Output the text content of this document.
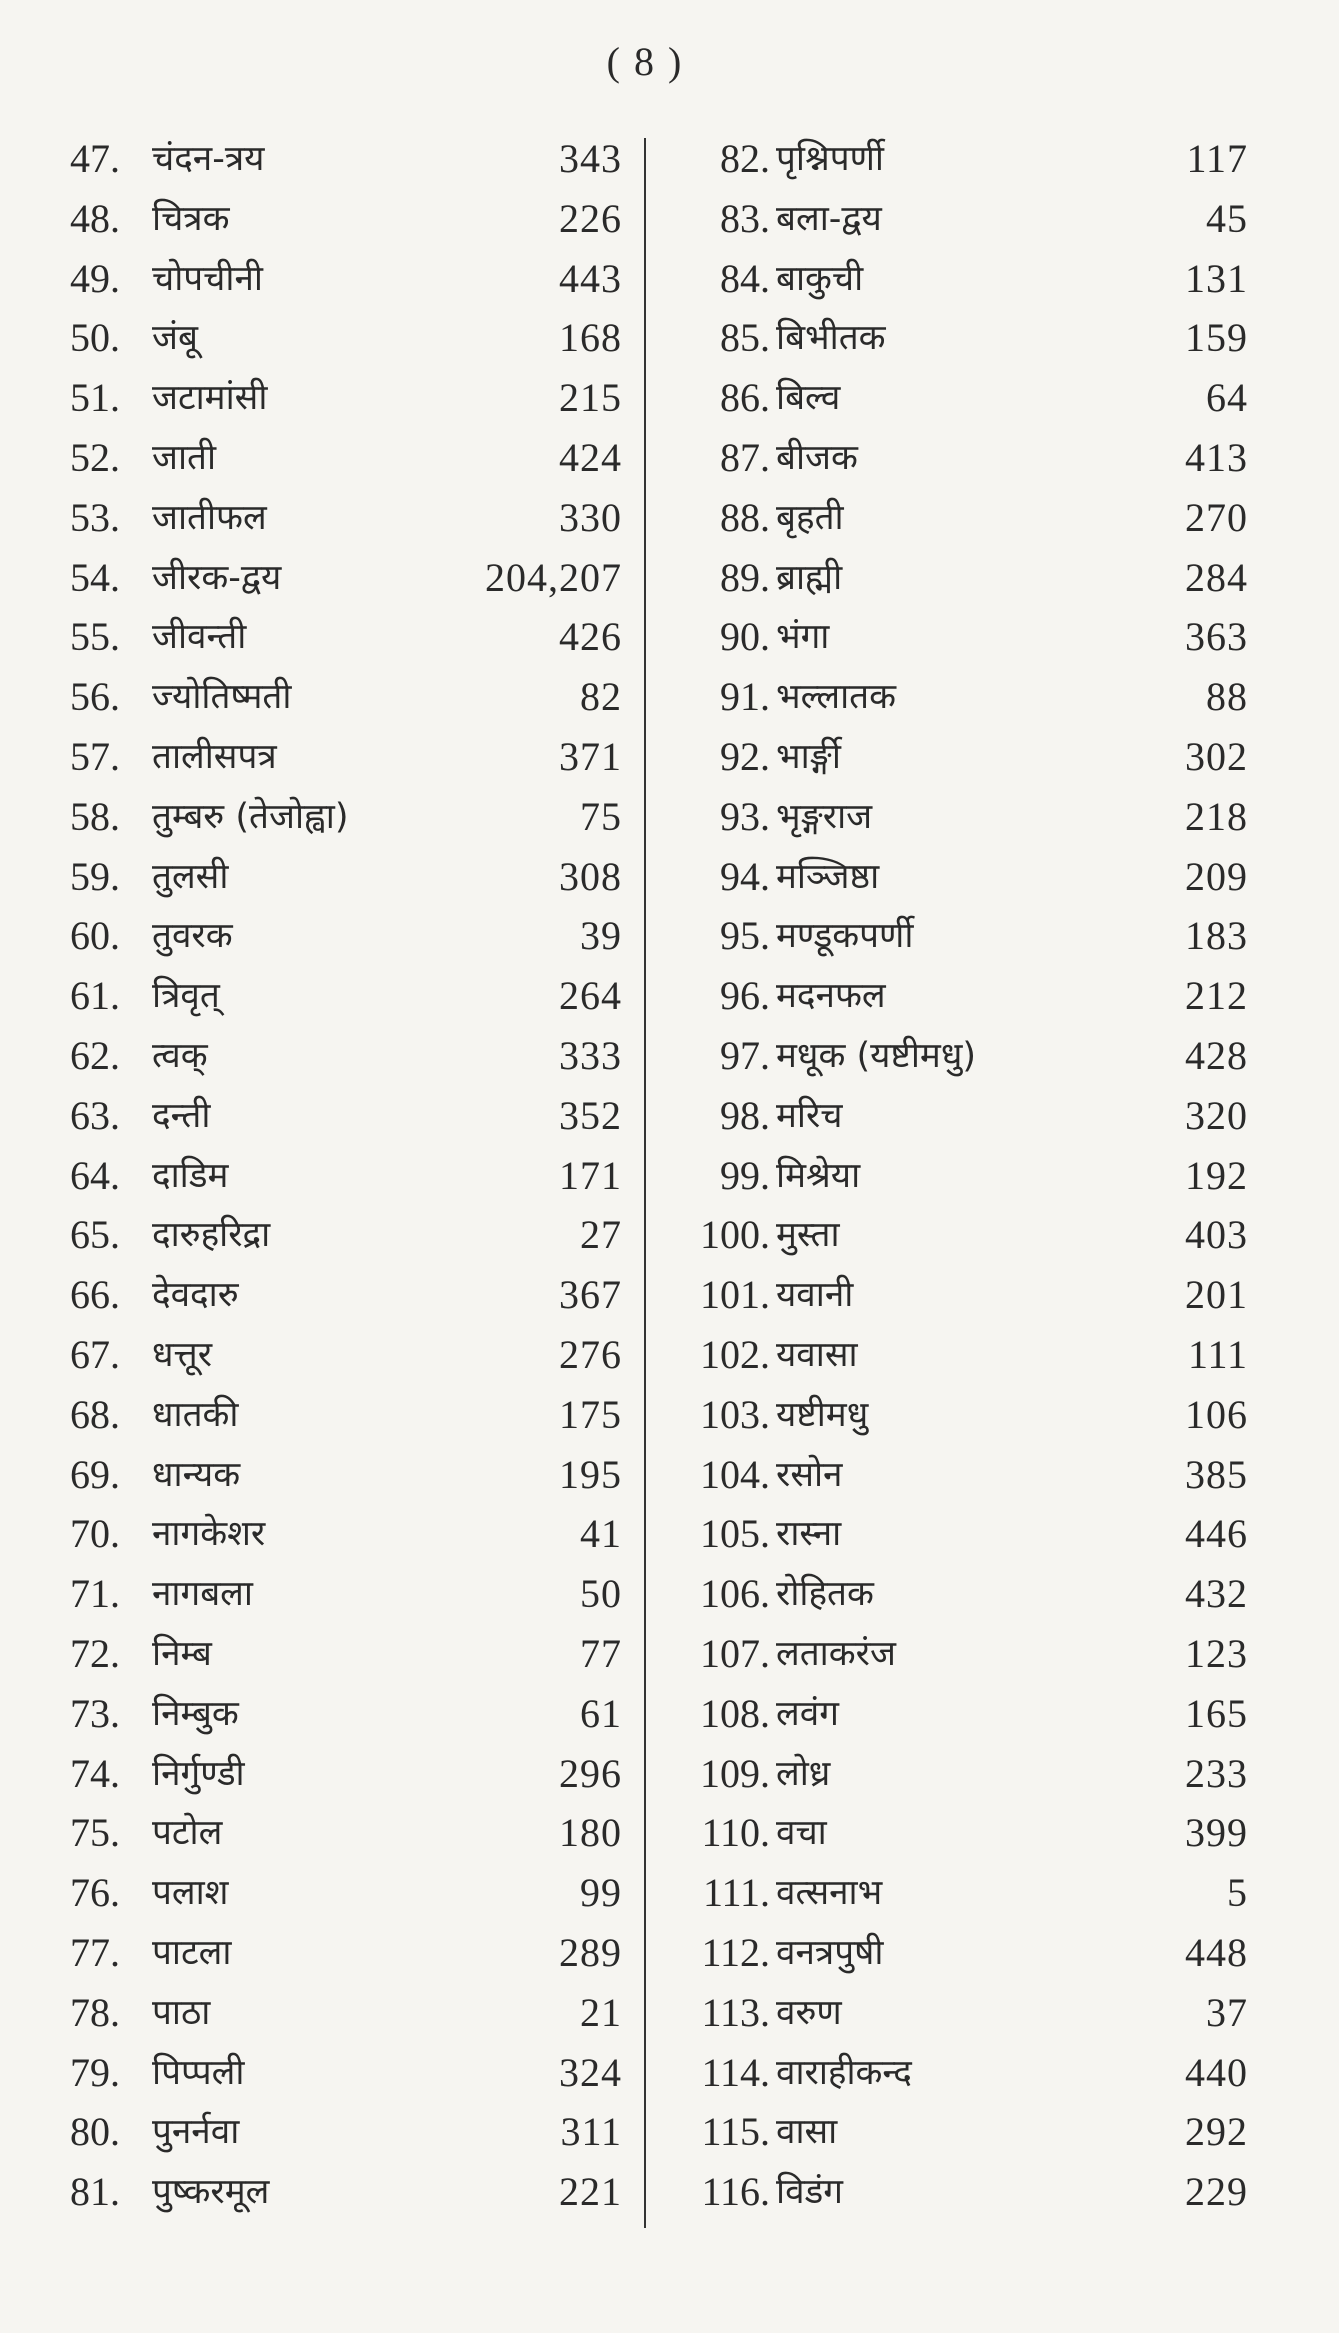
( 8 )
47. चंदन-त्रय	343
48. चित्रक	226
49. चोपचीनी	443
50. जंबू	168
51. जटामांसी	215
52. जाती	424
53. जातीफल	330
54. जीरक-द्वय	204,207
55. जीवन्ती	426
56. ज्योतिष्मती	82
57. तालीसपत्र	371
58. तुम्बरु (तेजोह्वा)	75
59. तुलसी	308
60. तुवरक	39
61. त्रिवृत्	264
62. त्वक्	333
63. दन्ती	352
64. दाडिम	171
65. दारुहरिद्रा	27
66. देवदारु	367
67. धत्तूर	276
68. धातकी	175
69. धान्यक	195
70. नागकेशर	41
71. नागबला	50
72. निम्ब	77
73. निम्बुक	61
74. निर्गुण्डी	296
75. पटोल	180
76. पलाश	99
77. पाटला	289
78. पाठा	21
79. पिप्पली	324
80. पुनर्नवा	311
81. पुष्करमूल	221
82. पृश्निपर्णी	117
83. बला-द्वय	45
84. बाकुची	131
85. बिभीतक	159
86. बिल्व	64
87. बीजक	413
88. बृहती	270
89. ब्राह्मी	284
90. भंगा	363
91. भल्लातक	88
92. भार्ङ्गी	302
93. भृङ्गराज	218
94. मञ्जिष्ठा	209
95. मण्डूकपर्णी	183
96. मदनफल	212
97. मधूक (यष्टीमधु)	428
98. मरिच	320
99. मिश्रेया	192
100. मुस्ता	403
101. यवानी	201
102. यवासा	111
103. यष्टीमधु	106
104. रसोन	385
105. रास्ना	446
106. रोहितक	432
107. लताकरंज	123
108. लवंग	165
109. लोध्र	233
110. वचा	399
111. वत्सनाभ	5
112. वनत्रपुषी	448
113. वरुण	37
114. वाराहीकन्द	440
115. वासा	292
116. विडंग	229
